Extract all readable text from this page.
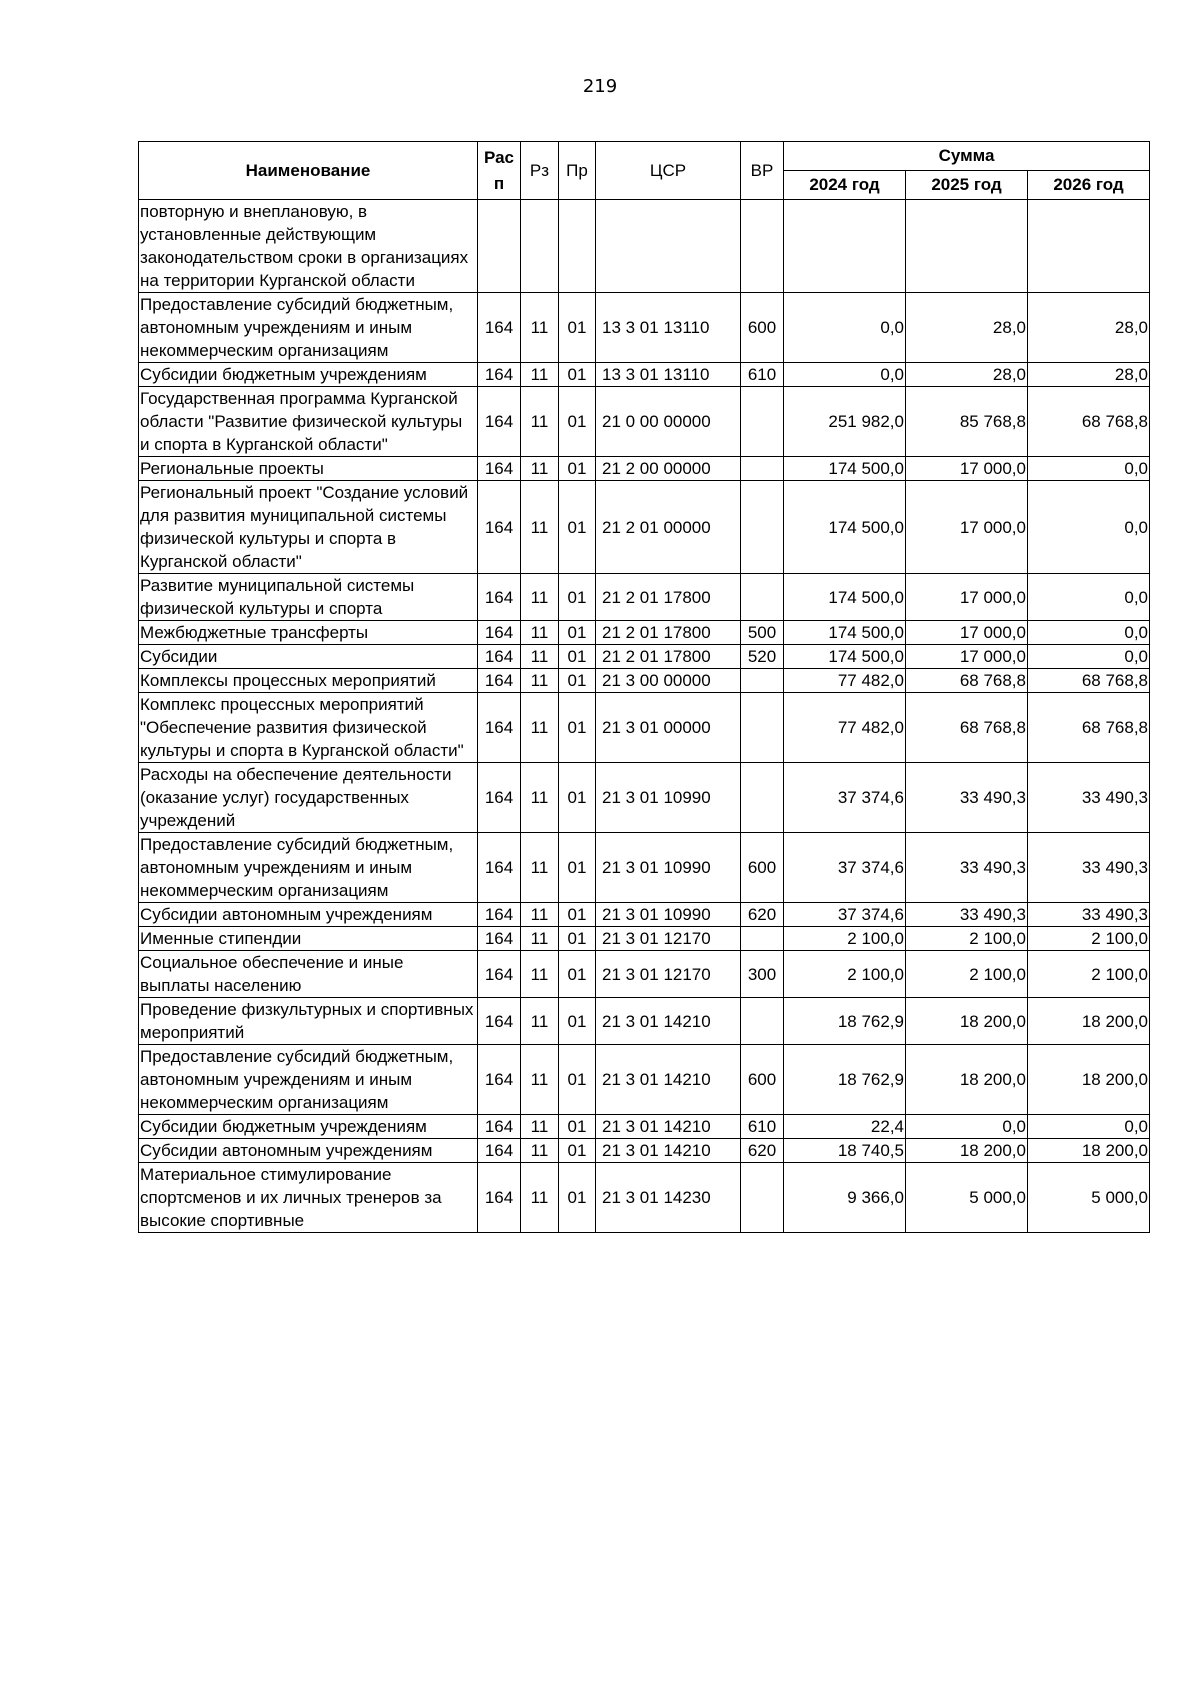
219
Наименование	Рас п	Рз	Пр	ЦСР	ВР	Сумма		
						2024 год	2025 год	2026 год
повторную и внеплановую, в установленные действующим законодательством сроки в организациях на территории Курганской области								
Предоставление субсидий бюджетным, автономным учреждениям и иным некоммерческим организациям	164	11	01	13 3 01 13110	600	0,0	28,0	28,0
Субсидии бюджетным учреждениям	164	11	01	13 3 01 13110	610	0,0	28,0	28,0
Государственная программа Курганской области "Развитие физической культуры и спорта в Курганской области"	164	11	01	21 0 00 00000		251 982,0	85 768,8	68 768,8
Региональные проекты	164	11	01	21 2 00 00000		174 500,0	17 000,0	0,0
Региональный проект "Создание условий для развития муниципальной системы физической культуры и спорта в Курганской области"	164	11	01	21 2 01 00000		174 500,0	17 000,0	0,0
Развитие муниципальной системы физической культуры и спорта	164	11	01	21 2 01 17800		174 500,0	17 000,0	0,0
Межбюджетные трансферты	164	11	01	21 2 01 17800	500	174 500,0	17 000,0	0,0
Субсидии	164	11	01	21 2 01 17800	520	174 500,0	17 000,0	0,0
Комплексы процессных мероприятий	164	11	01	21 3 00 00000		77 482,0	68 768,8	68 768,8
Комплекс процессных мероприятий "Обеспечение развития физической культуры и спорта в Курганской области"	164	11	01	21 3 01 00000		77 482,0	68 768,8	68 768,8
Расходы на обеспечение деятельности (оказание услуг) государственных учреждений	164	11	01	21 3 01 10990		37 374,6	33 490,3	33 490,3
Предоставление субсидий бюджетным, автономным учреждениям и иным некоммерческим организациям	164	11	01	21 3 01 10990	600	37 374,6	33 490,3	33 490,3
Субсидии автономным учреждениям	164	11	01	21 3 01 10990	620	37 374,6	33 490,3	33 490,3
Именные стипендии	164	11	01	21 3 01 12170		2 100,0	2 100,0	2 100,0
Социальное обеспечение и иные выплаты населению	164	11	01	21 3 01 12170	300	2 100,0	2 100,0	2 100,0
Проведение физкультурных и спортивных мероприятий	164	11	01	21 3 01 14210		18 762,9	18 200,0	18 200,0
Предоставление субсидий бюджетным, автономным учреждениям и иным некоммерческим организациям	164	11	01	21 3 01 14210	600	18 762,9	18 200,0	18 200,0
Субсидии бюджетным учреждениям	164	11	01	21 3 01 14210	610	22,4	0,0	0,0
Субсидии автономным учреждениям	164	11	01	21 3 01 14210	620	18 740,5	18 200,0	18 200,0
Материальное стимулирование спортсменов и их личных тренеров за высокие спортивные	164	11	01	21 3 01 14230		9 366,0	5 000,0	5 000,0
